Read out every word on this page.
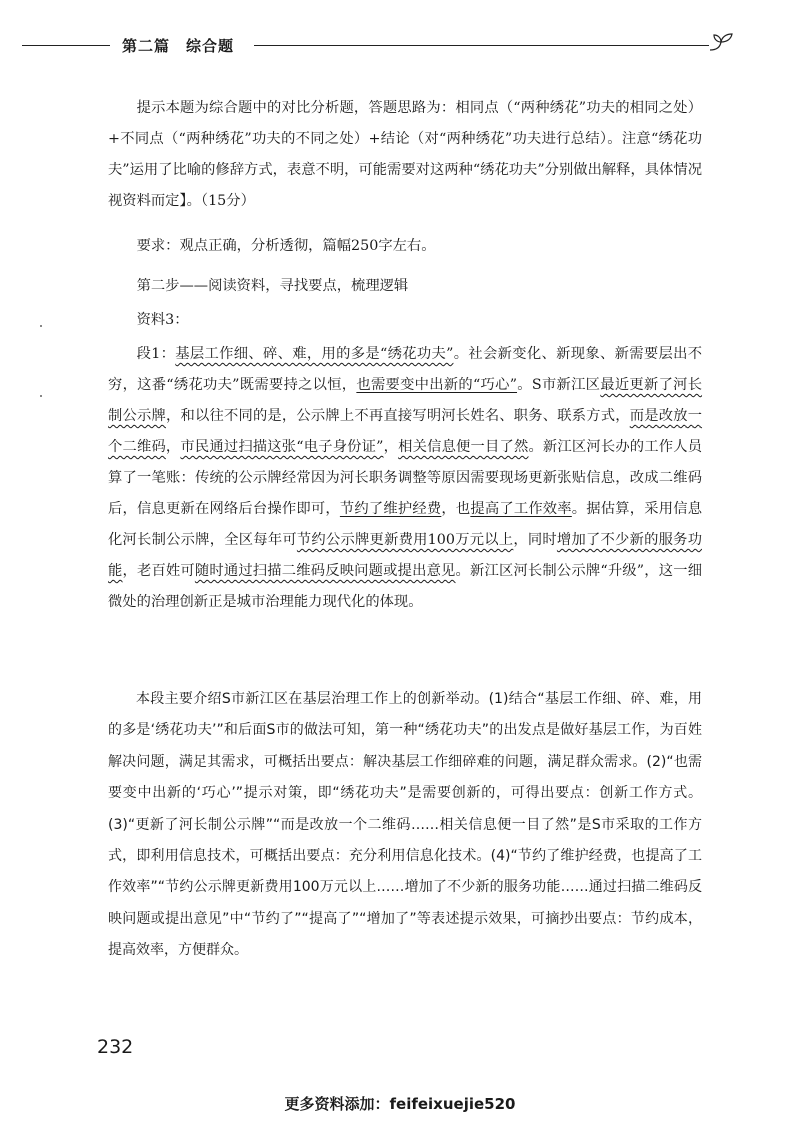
第二篇　综合题

提示本题为综合题中的对比分析题，答题思路为：相同点（“两种绣花”功夫的相同之处）+不同点（“两种绣花”功夫的不同之处）+结论（对“两种绣花”功夫进行总结）。注意“绣花功夫”运用了比喻的修辞方式，表意不明，可能需要对这两种“绣花功夫”分别做出解释，具体情况视资料而定】。（15分）

要求：观点正确，分析透彻，篇幅250字左右。

第二步——阅读资料，寻找要点，梳理逻辑

资料3：

段1：基层工作细、碎、难，用的多是“绣花功夫”。社会新变化、新现象、新需要层出不穷，这番“绣花功夫”既需要持之以恒，也需要变中出新的“巧心”。S市新江区最近更新了河长制公示牌，和以往不同的是，公示牌上不再直接写明河长姓名、职务、联系方式，而是改放一个二维码，市民通过扫描这张“电子身份证”，相关信息便一目了然。新江区河长办的工作人员算了一笔账：传统的公示牌经常因为河长职务调整等原因需要现场更新张贴信息，改成二维码后，信息更新在网络后台操作即可，节约了维护经费，也提高了工作效率。据估算，采用信息化河长制公示牌，全区每年可节约公示牌更新费用100万元以上，同时增加了不少新的服务功能，老百姓可随时通过扫描二维码反映问题或提出意见。新江区河长制公示牌“升级”，这一细微处的治理创新正是城市治理能力现代化的体现。

本段主要介绍S市新江区在基层治理工作上的创新举动。(1)结合“基层工作细、碎、难，用的多是‘绣花功夫’”和后面S市的做法可知，第一种“绣花功夫”的出发点是做好基层工作，为百姓解决问题，满足其需求，可概括出要点：解决基层工作细碎难的问题，满足群众需求。(2)“也需要变中出新的‘巧心’”提示对策，即“绣花功夫”是需要创新的，可得出要点：创新工作方式。(3)“更新了河长制公示牌”“而是改放一个二维码……相关信息便一目了然”是S市采取的工作方式，即利用信息技术，可概括出要点：充分利用信息化技术。(4)“节约了维护经费，也提高了工作效率”“节约公示牌更新费用100万元以上……增加了不少新的服务功能……通过扫描二维码反映问题或提出意见”中“节约了”“提高了”“增加了”等表述提示效果，可摘抄出要点：节约成本，提高效率，方便群众。

232
更多资料添加：feifeixuejie520
